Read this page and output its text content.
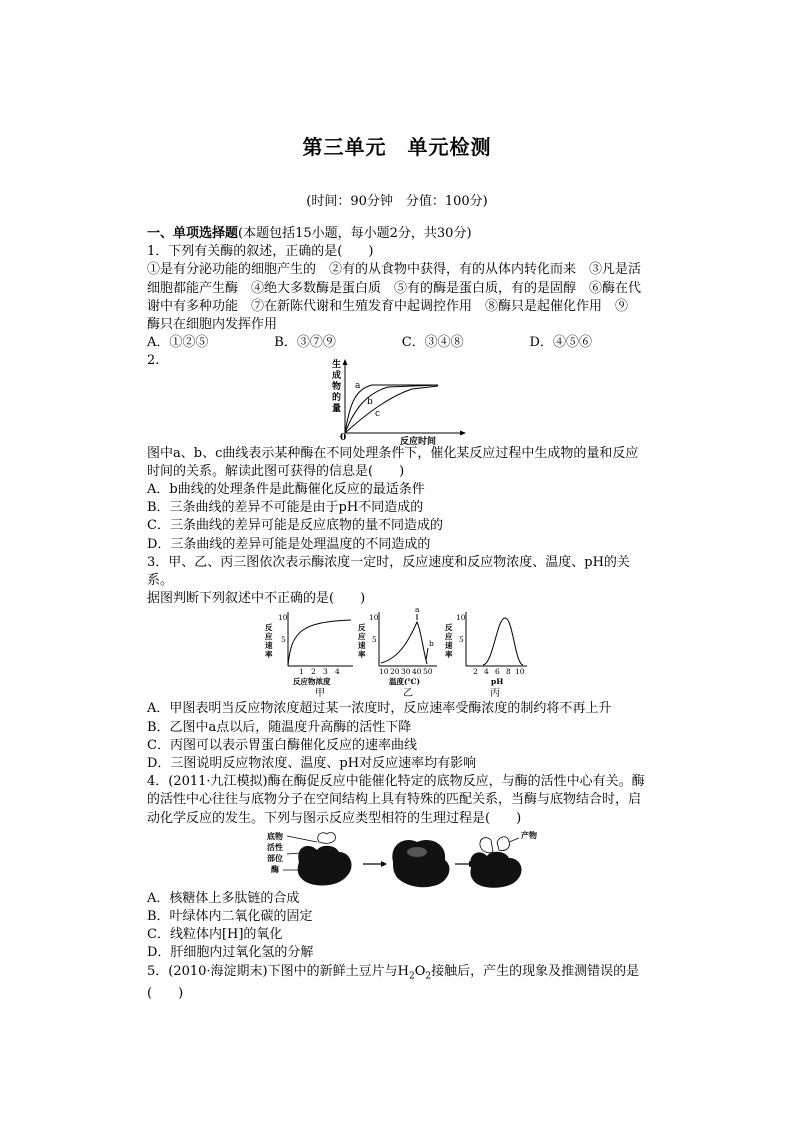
第三单元　单元检测
(时间：90分钟　分值：100分)

一、单项选择题(本题包括15小题，每小题2分，共30分)

1．下列有关酶的叙述，正确的是(　　)

①是有分泌功能的细胞产生的　②有的从食物中获得，有的从体内转化而来　③凡是活

细胞都能产生酶　④绝大多数酶是蛋白质　⑤有的酶是蛋白质，有的是固醇　⑥酶在代

谢中有多种功能　⑦在新陈代谢和生殖发育中起调控作用　⑧酶只是起催化作用　⑨

酶只在细胞内发挥作用

A．①②⑤	B．③⑦⑨	C．③④⑧	D．④⑤⑥

2.	生
成
物
的
量
0	反应时间
a
b
c

图中a、b、c曲线表示某种酶在不同处理条件下，催化某反应过程中生成物的量和反应

时间的关系。解读此图可获得的信息是(　　)

A．b曲线的处理条件是此酶催化反应的最适条件

B．三条曲线的差异不可能是由于pH不同造成的

C．三条曲线的差异可能是反应底物的量不同造成的

D．三条曲线的差异可能是处理温度的不同造成的

3．甲、乙、丙三图依次表示酶浓度一定时，反应速度和反应物浓度、温度、pH的关系。

据图判断下列叙述中不正确的是(　　)

反
应
速
率
10
5
1 2 3 4
反应物浓度
甲
反
应
速
率
10
5
a
b
10 20 30 40 50
温度(℃)
乙
反
应
速
率
10
5
2 4 6 8 10
pH
丙

A．甲图表明当反应物浓度超过某一浓度时，反应速率受酶浓度的制约将不再上升

B．乙图中a点以后，随温度升高酶的活性下降

C．丙图可以表示胃蛋白酶催化反应的速率曲线

D．三图说明反应物浓度、温度、pH对反应速率均有影响

4．(2011·九江模拟)酶在酶促反应中能催化特定的底物反应，与酶的活性中心有关。酶

的活性中心往往与底物分子在空间结构上具有特殊的匹配关系，当酶与底物结合时，启

动化学反应的发生。下列与图示反应类型相符的生理过程是(　　)

底物
活性
部位
酶
产物

A．核糖体上多肽链的合成

B．叶绿体内二氧化碳的固定

C．线粒体内[H]的氧化

D．肝细胞内过氧化氢的分解

5．(2010·海淀期末)下图中的新鲜土豆片与$H_2O_2$接触后，产生的现象及推测错误的是

(　　)
